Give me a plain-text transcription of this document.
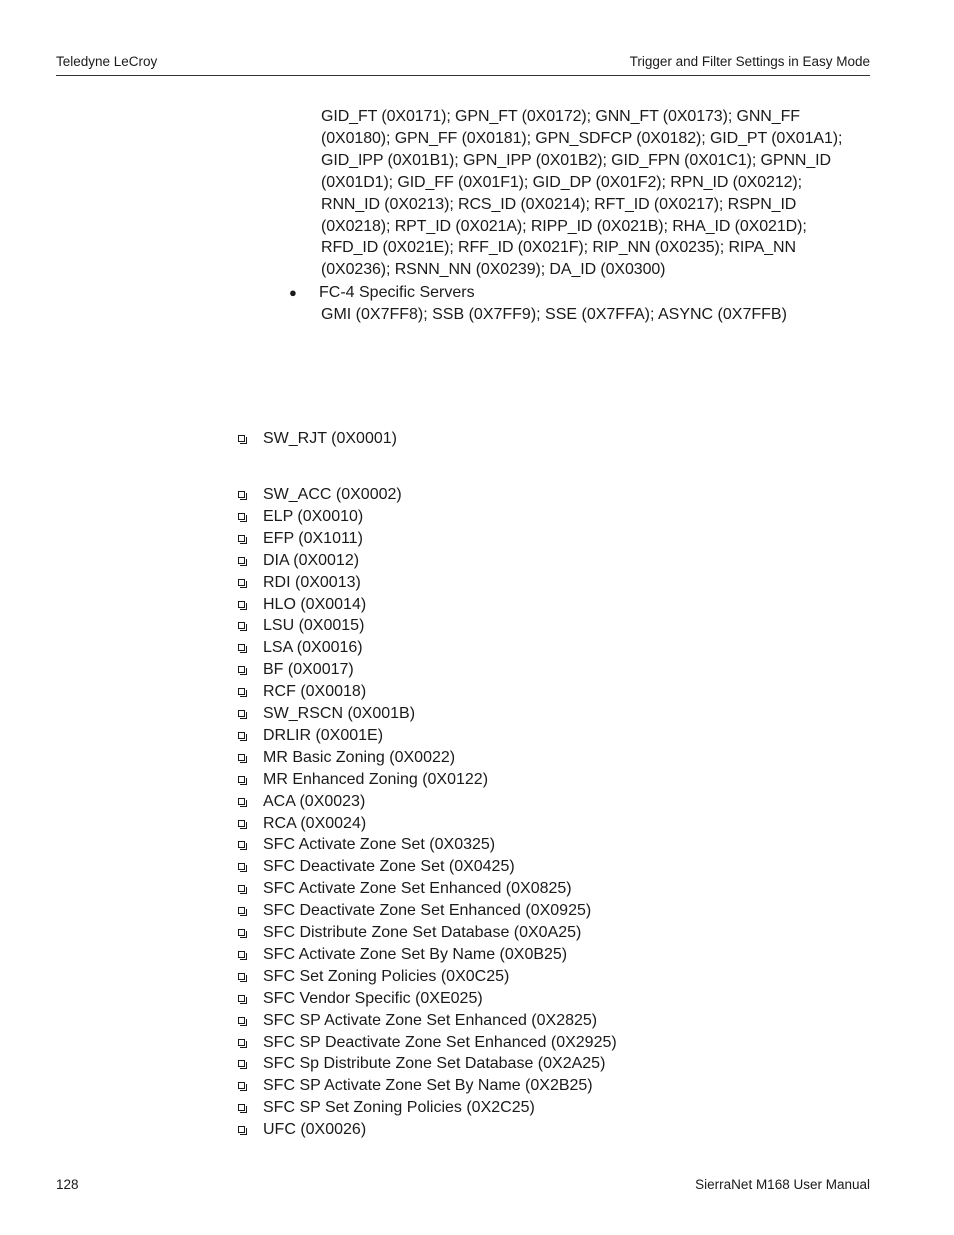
Teledyne LeCroy	Trigger and Filter Settings in Easy Mode
GID_FT (0X0171); GPN_FT (0X0172); GNN_FT (0X0173); GNN_FF
(0X0180); GPN_FF (0X0181); GPN_SDFCP (0X0182); GID_PT (0X01A1);
GID_IPP (0X01B1); GPN_IPP (0X01B2); GID_FPN (0X01C1); GPNN_ID
(0X01D1); GID_FF (0X01F1); GID_DP (0X01F2); RPN_ID (0X0212);
RNN_ID (0X0213); RCS_ID (0X0214); RFT_ID (0X0217); RSPN_ID
(0X0218); RPT_ID (0X021A); RIPP_ID (0X021B); RHA_ID (0X021D);
RFD_ID (0X021E); RFF_ID (0X021F); RIP_NN (0X0235); RIPA_NN
(0X0236); RSNN_NN (0X0239); DA_ID (0X0300)
● FC-4 Specific Servers
GMI (0X7FF8); SSB (0X7FF9); SSE (0X7FFA); ASYNC (0X7FFB)
SW_RJT (0X0001)
SW_ACC (0X0002)
ELP (0X0010)
EFP (0X1011)
DIA (0X0012)
RDI (0X0013)
HLO (0X0014)
LSU (0X0015)
LSA (0X0016)
BF (0X0017)
RCF (0X0018)
SW_RSCN (0X001B)
DRLIR (0X001E)
MR Basic Zoning (0X0022)
MR Enhanced Zoning (0X0122)
ACA (0X0023)
RCA (0X0024)
SFC Activate Zone Set (0X0325)
SFC Deactivate Zone Set (0X0425)
SFC Activate Zone Set Enhanced (0X0825)
SFC Deactivate Zone Set Enhanced (0X0925)
SFC Distribute Zone Set Database (0X0A25)
SFC Activate Zone Set By Name (0X0B25)
SFC Set Zoning Policies (0X0C25)
SFC Vendor Specific (0XE025)
SFC SP Activate Zone Set Enhanced (0X2825)
SFC SP Deactivate Zone Set Enhanced (0X2925)
SFC Sp Distribute Zone Set Database (0X2A25)
SFC SP Activate Zone Set By Name (0X2B25)
SFC SP Set Zoning Policies (0X2C25)
UFC (0X0026)
128	SierraNet M168 User Manual
